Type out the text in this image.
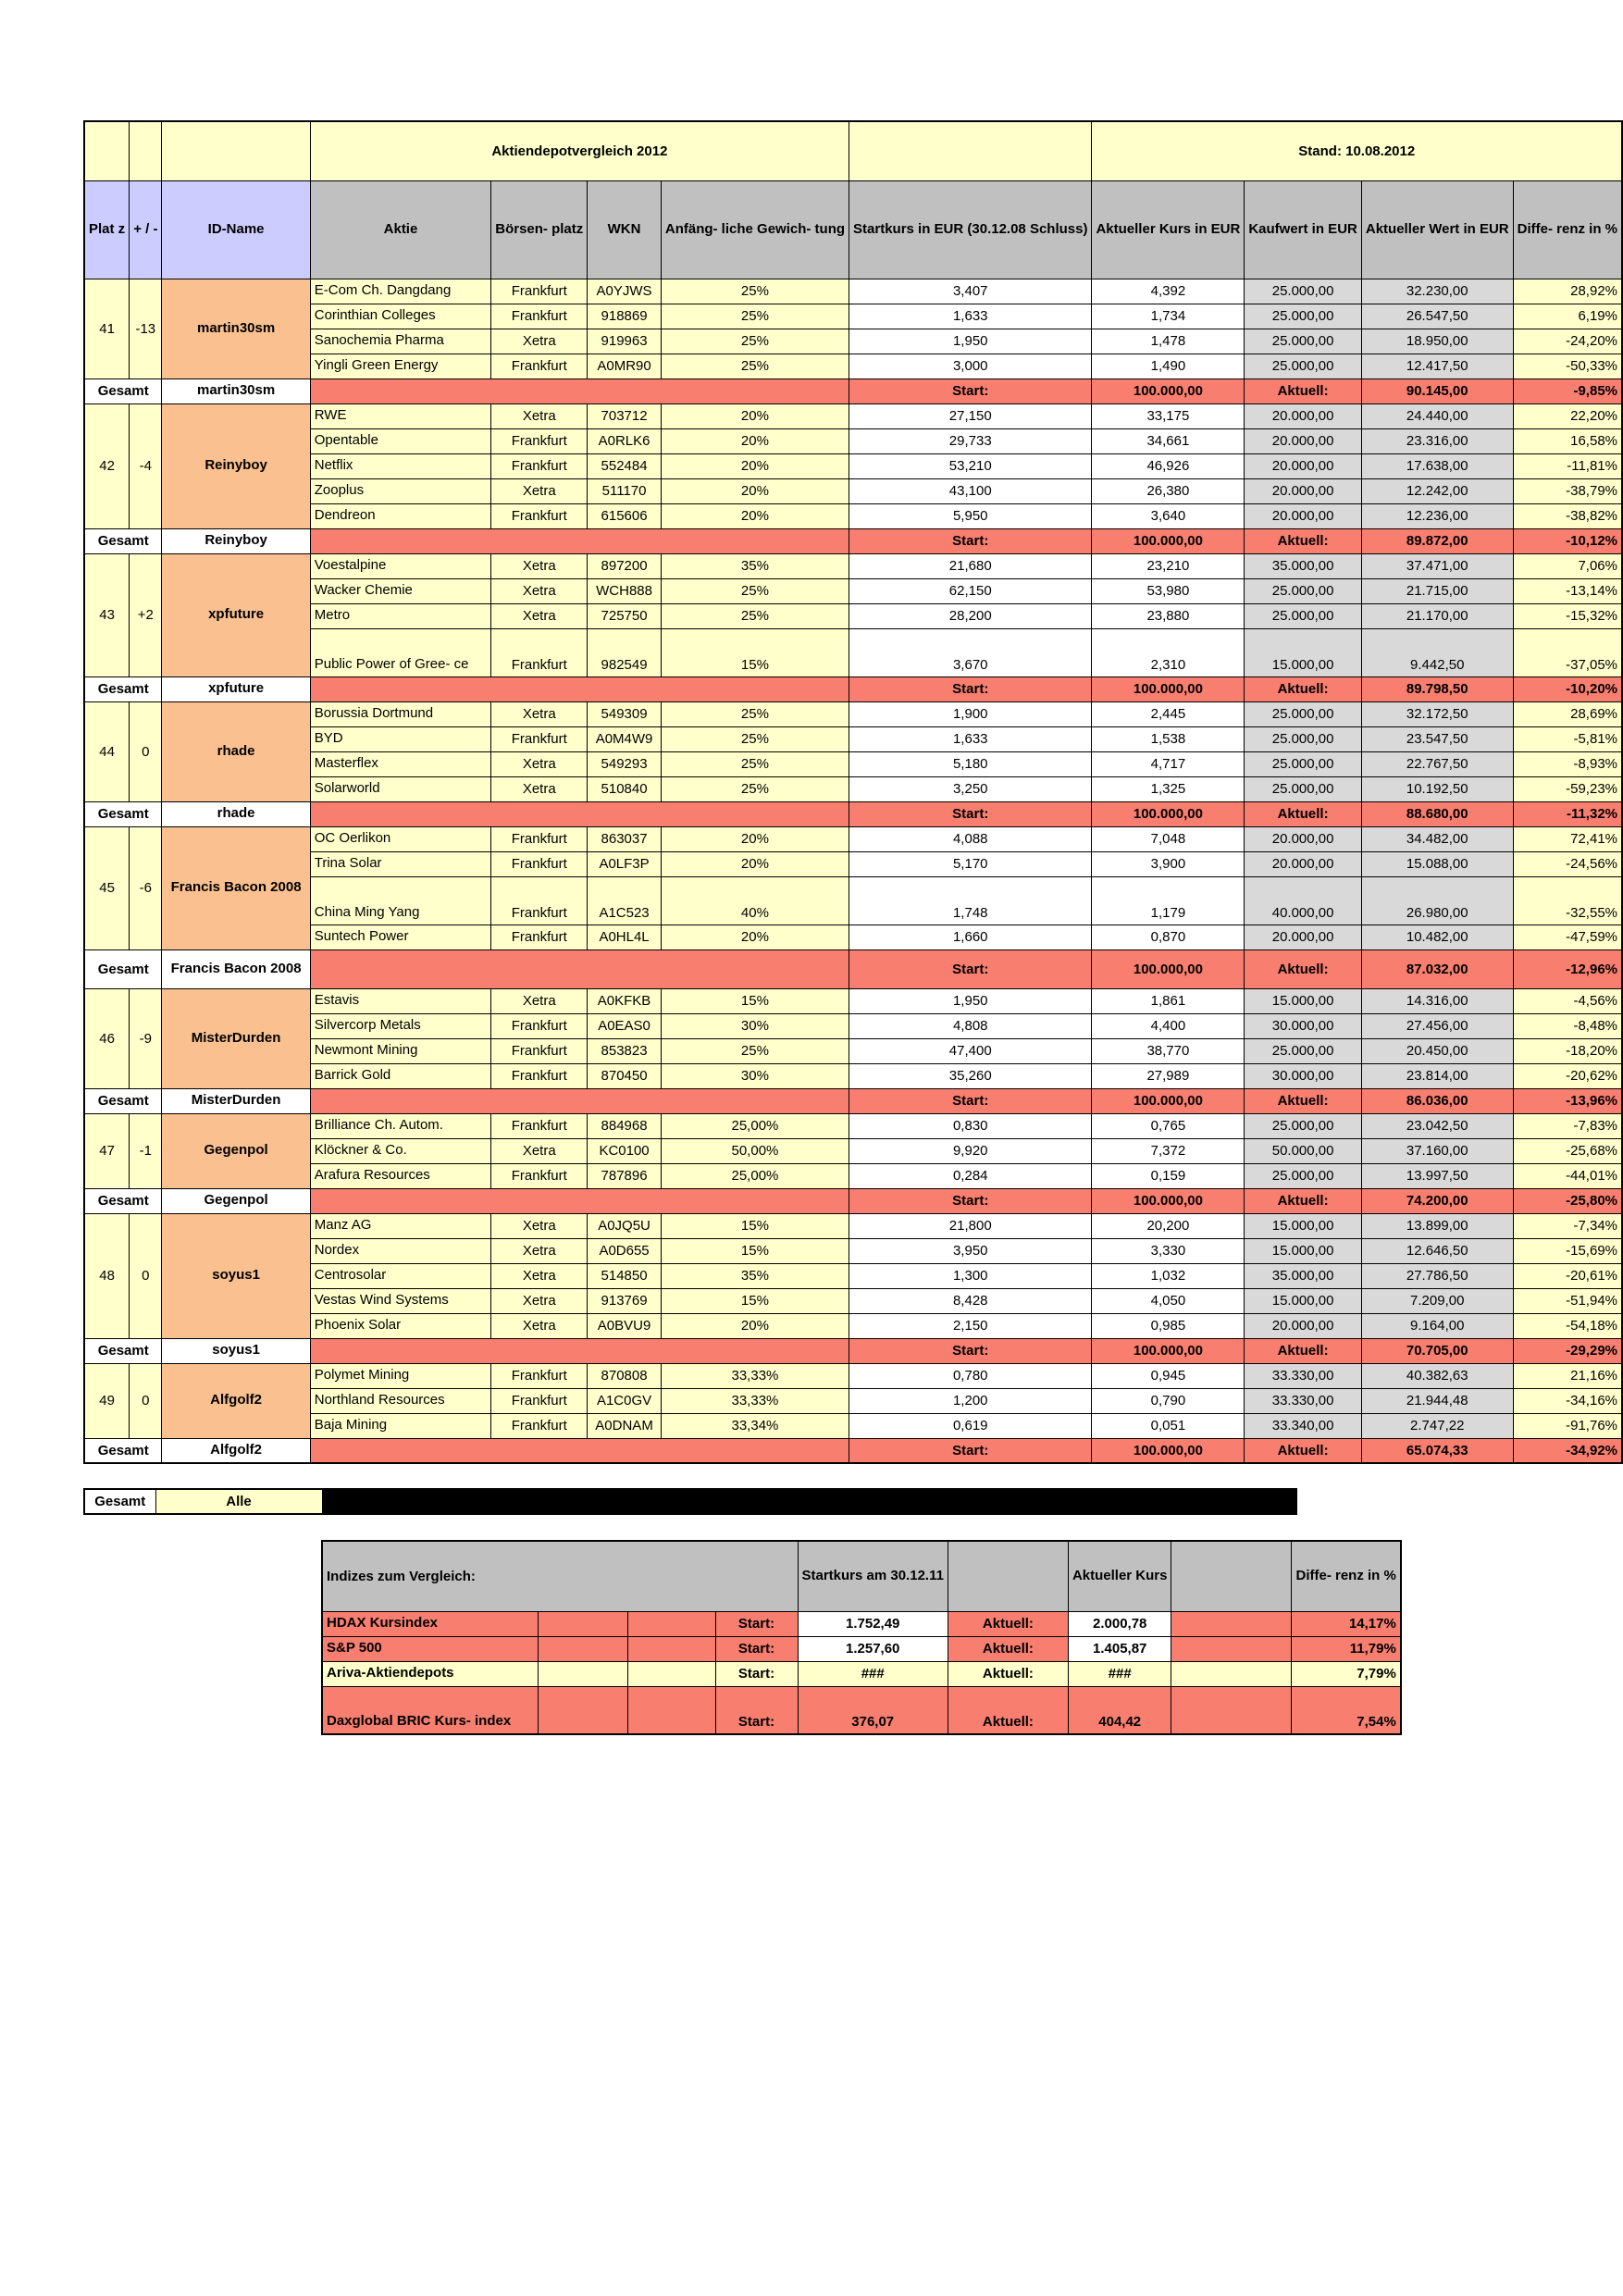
			Aktiendepotvergleich 2012					Stand: 10.08.2012			
Plat z	+ / -	ID-Name	Aktie	Börsen- platz	WKN	Anfäng- liche Gewich- tung	Startkurs in EUR (30.12.08 Schluss)	Aktueller Kurs in EUR	Kaufwert in EUR	Aktueller Wert in EUR	Diffe- renz in %
41	-13	martin30sm	E-Com Ch. Dangdang	Frankfurt	A0YJWS	25%	3,407	4,392	25.000,00	32.230,00	28,92%
			Corinthian Colleges	Frankfurt	918869	25%	1,633	1,734	25.000,00	26.547,50	6,19%
			Sanochemia Pharma	Xetra	919963	25%	1,950	1,478	25.000,00	18.950,00	-24,20%
			Yingli Green Energy	Frankfurt	A0MR90	25%	3,000	1,490	25.000,00	12.417,50	-50,33%
Gesamt		martin30sm					Start:	100.000,00	Aktuell:	90.145,00	-9,85%
42	-4	Reinyboy	RWE	Xetra	703712	20%	27,150	33,175	20.000,00	24.440,00	22,20%
			Opentable	Frankfurt	A0RLK6	20%	29,733	34,661	20.000,00	23.316,00	16,58%
			Netflix	Frankfurt	552484	20%	53,210	46,926	20.000,00	17.638,00	-11,81%
			Zooplus	Xetra	511170	20%	43,100	26,380	20.000,00	12.242,00	-38,79%
			Dendreon	Frankfurt	615606	20%	5,950	3,640	20.000,00	12.236,00	-38,82%
Gesamt		Reinyboy					Start:	100.000,00	Aktuell:	89.872,00	-10,12%
43	+2	xpfuture	Voestalpine	Xetra	897200	35%	21,680	23,210	35.000,00	37.471,00	7,06%
			Wacker Chemie	Xetra	WCH888	25%	62,150	53,980	25.000,00	21.715,00	-13,14%
			Metro	Xetra	725750	25%	28,200	23,880	25.000,00	21.170,00	-15,32%
			Public Power of Gree- ce	Frankfurt	982549	15%	3,670	2,310	15.000,00	9.442,50	-37,05%
Gesamt		xpfuture					Start:	100.000,00	Aktuell:	89.798,50	-10,20%
44	0	rhade	Borussia Dortmund	Xetra	549309	25%	1,900	2,445	25.000,00	32.172,50	28,69%
			BYD	Frankfurt	A0M4W9	25%	1,633	1,538	25.000,00	23.547,50	-5,81%
			Masterflex	Xetra	549293	25%	5,180	4,717	25.000,00	22.767,50	-8,93%
			Solarworld	Xetra	510840	25%	3,250	1,325	25.000,00	10.192,50	-59,23%
Gesamt		rhade					Start:	100.000,00	Aktuell:	88.680,00	-11,32%
45	-6	Francis Bacon 2008	OC Oerlikon	Frankfurt	863037	20%	4,088	7,048	20.000,00	34.482,00	72,41%
			Trina Solar	Frankfurt	A0LF3P	20%	5,170	3,900	20.000,00	15.088,00	-24,56%
			China Ming Yang	Frankfurt	A1C523	40%	1,748	1,179	40.000,00	26.980,00	-32,55%
			Suntech Power	Frankfurt	A0HL4L	20%	1,660	0,870	20.000,00	10.482,00	-47,59%
Gesamt		Francis Bacon 2008					Start:	100.000,00	Aktuell:	87.032,00	-12,96%
46	-9	MisterDurden	Estavis	Xetra	A0KFKB	15%	1,950	1,861	15.000,00	14.316,00	-4,56%
			Silvercorp Metals	Frankfurt	A0EAS0	30%	4,808	4,400	30.000,00	27.456,00	-8,48%
			Newmont Mining	Frankfurt	853823	25%	47,400	38,770	25.000,00	20.450,00	-18,20%
			Barrick Gold	Frankfurt	870450	30%	35,260	27,989	30.000,00	23.814,00	-20,62%
Gesamt		MisterDurden					Start:	100.000,00	Aktuell:	86.036,00	-13,96%
47	-1	Gegenpol	Brilliance Ch. Autom.	Frankfurt	884968	25,00%	0,830	0,765	25.000,00	23.042,50	-7,83%
			Klöckner & Co.	Xetra	KC0100	50,00%	9,920	7,372	50.000,00	37.160,00	-25,68%
			Arafura Resources	Frankfurt	787896	25,00%	0,284	0,159	25.000,00	13.997,50	-44,01%
Gesamt		Gegenpol					Start:	100.000,00	Aktuell:	74.200,00	-25,80%
48	0	soyus1	Manz AG	Xetra	A0JQ5U	15%	21,800	20,200	15.000,00	13.899,00	-7,34%
			Nordex	Xetra	A0D655	15%	3,950	3,330	15.000,00	12.646,50	-15,69%
			Centrosolar	Xetra	514850	35%	1,300	1,032	35.000,00	27.786,50	-20,61%
			Vestas Wind Systems	Xetra	913769	15%	8,428	4,050	15.000,00	7.209,00	-51,94%
			Phoenix Solar	Xetra	A0BVU9	20%	2,150	0,985	20.000,00	9.164,00	-54,18%
Gesamt		soyus1					Start:	100.000,00	Aktuell:	70.705,00	-29,29%
49	0	Alfgolf2	Polymet Mining	Frankfurt	870808	33,33%	0,780	0,945	33.330,00	40.382,63	21,16%
			Northland Resources	Frankfurt	A1C0GV	33,33%	1,200	0,790	33.330,00	21.944,48	-34,16%
			Baja Mining	Frankfurt	A0DNAM	33,34%	0,619	0,051	33.340,00	2.747,22	-91,76%
Gesamt		Alfgolf2					Start:	100.000,00	Aktuell:	65.074,33	-34,92%
Gesamt	Alle		Start:	4.900.000,00	Aktuell:	5.281.275,79	7,79%
Indizes zum Vergleich:				Startkurs am 30.12.11		Aktueller Kurs		Diffe- renz in %
HDAX Kursindex			Start:	1.752,49	Aktuell:	2.000,78		14,17%
S&P 500			Start:	1.257,60	Aktuell:	1.405,87		11,79%
Ariva-Aktiendepots			Start:	###	Aktuell:	###		7,79%
Daxglobal BRIC Kurs- index			Start:	376,07	Aktuell:	404,42		7,54%
